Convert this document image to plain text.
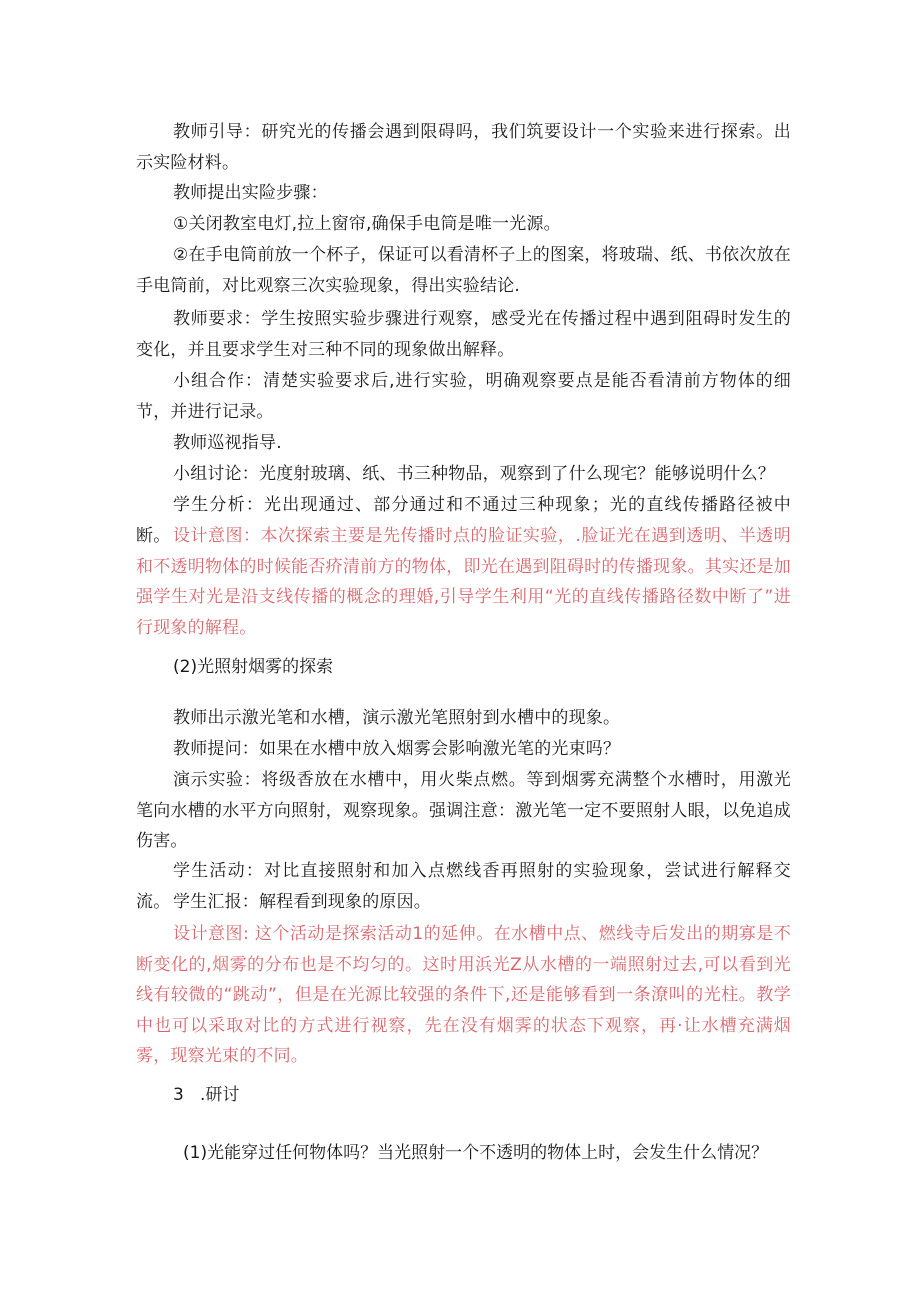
教师引导：研究光的传播会遇到限碍吗，我们筑要设计一个实验来进行探索。出示实险材料。

教师提出实险步骤：

①关闭教室电灯,拉上窗帘,确保手电筒是唯一光源。

②在手电筒前放一个杯子，保证可以看清杯子上的图案，将玻瑞、纸、书依次放在手电筒前，对比观察三次实验现象，得出实验结论.

教师要求：学生按照实验步骤进行观察，感受光在传播过程中遇到阻碍时发生的变化，并且要求学生对三种不同的现象做出解释。

小组合作：清楚实验要求后,进行实验，明确观察要点是能否看清前方物体的细节，并进行记录。

教师巡视指导.

小组讨论：光度射玻璃、纸、书三种物品，观察到了什么现宅？能够说明什么？

学生分析：光出现通过、部分通过和不通过三种现象；光的直线传播路径被中断。 设计意图：本次探索主要是先传播时点的脸证实验，.脸证光在遇到透明、半透明和不透明物体的时候能否疥清前方的物体，即光在遇到阻碍时的传播现象。其实还是加强学生对光是沿支线传播的概念的理婚,引导学生利用“光的直线传播路径数中断了”进行现象的解程。

(2)光照射烟雾的探索

教师出示激光笔和水槽，演示激光笔照射到水槽中的现象。

教师提问：如果在水槽中放入烟雾会影响激光笔的光束吗？

演示实验：将级香放在水槽中，用火柴点燃。等到烟雾充满整个水槽时，用激光笔向水槽的水平方向照射，观察现象。强调注意：激光笔一定不要照射人眼，以免追成伤害。

学生活动：对比直接照射和加入点燃线香再照射的实验现象，尝试进行解释交流。 学生汇报：解程看到现象的原因。

设计意图: 这个活动是探索活动1的延伸。在水槽中点、燃线寺后发出的期寡是不断变化的,烟雾的分布也是不均匀的。这时用浜光Z从水槽的一端照射过去,可以看到光线有较微的“跳动”，但是在光源比较强的条件下,还是能够看到一条潦叫的光柱。教学中也可以采取对比的方式进行视察，先在没有烟霁的状态下观察，再·让水槽充满烟雾，现察光束的不同。

3   .研讨

(1)光能穿过任何物体吗？当光照射一个不透明的物体上时，会发生什么情况？
